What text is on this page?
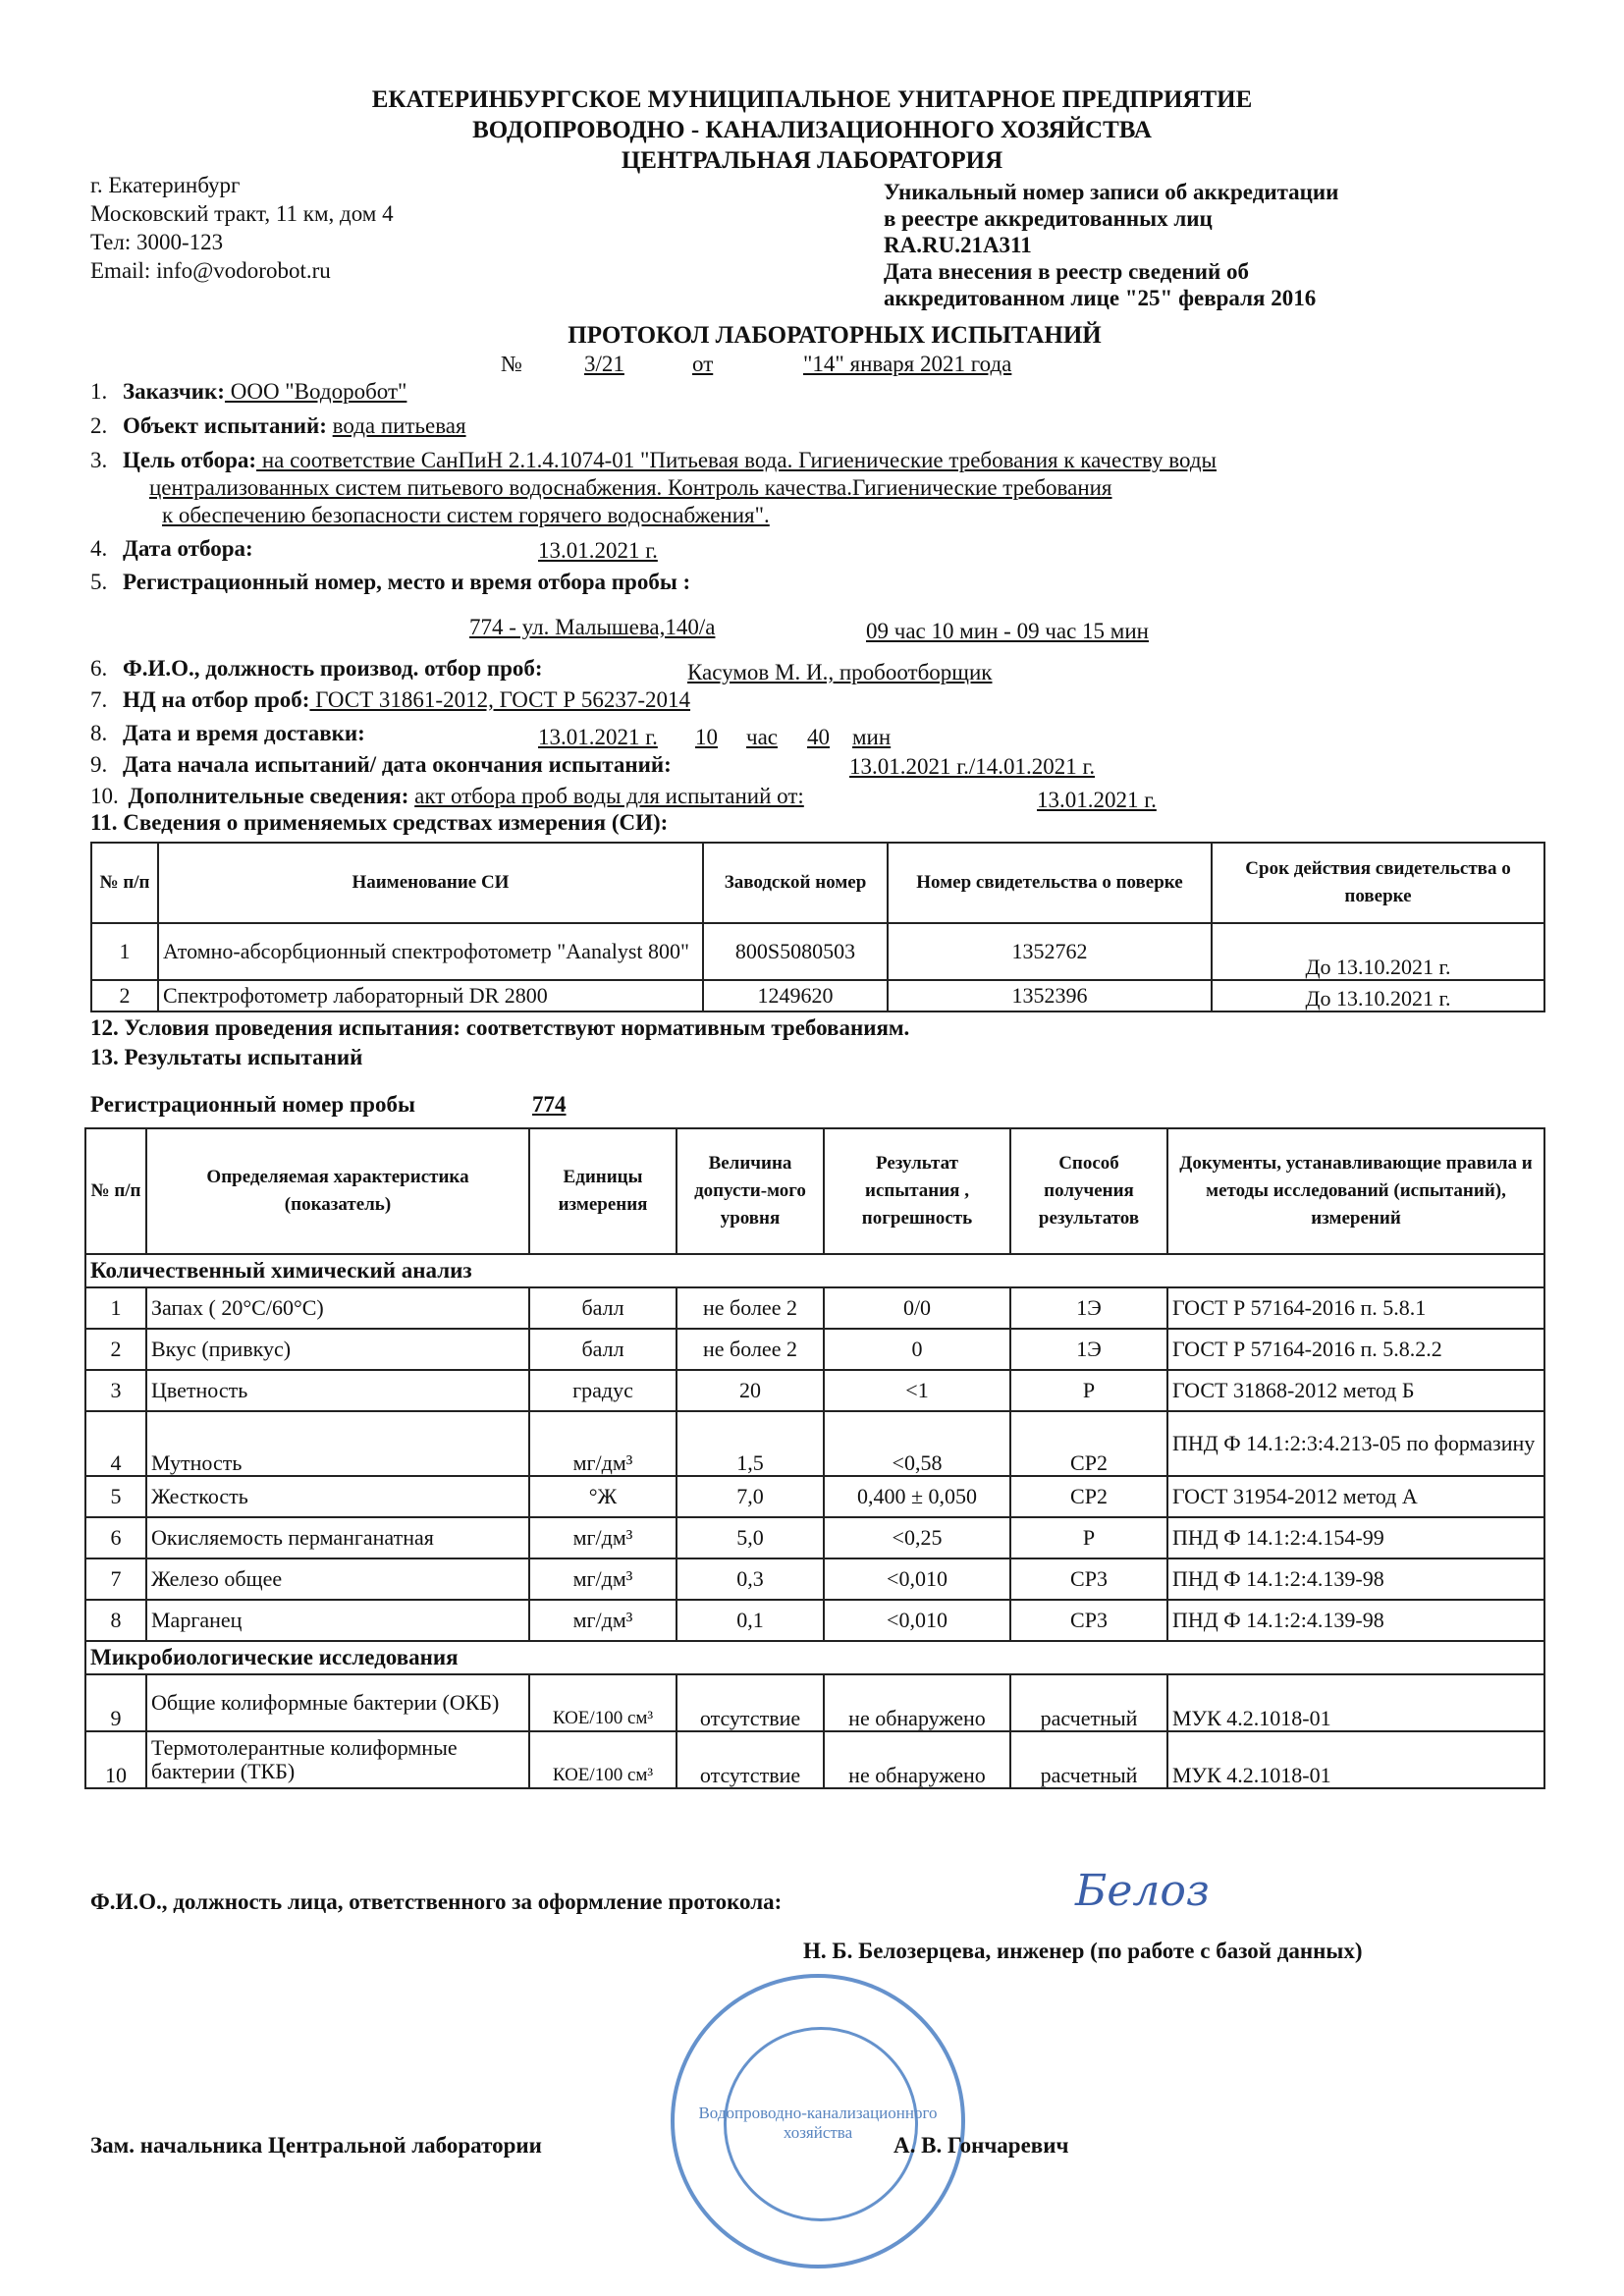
ЕКАТЕРИНБУРГСКОЕ МУНИЦИПАЛЬНОЕ УНИТАРНОЕ ПРЕДПРИЯТИЕ
ВОДОПРОВОДНО - КАНАЛИЗАЦИОННОГО ХОЗЯЙСТВА
ЦЕНТРАЛЬНАЯ ЛАБОРАТОРИЯ
г. Екатеринбург
Московский тракт, 11 км, дом 4
Тел: 3000-123
Email: info@vodorobot.ru
Уникальный номер записи об аккредитации
в реестре аккредитованных лиц
RA.RU.21A311
Дата внесения в реестр сведений об
аккредитованном лице "25" февраля 2016
ПРОТОКОЛ ЛАБОРАТОРНЫХ ИСПЫТАНИЙ
№	3/21	от	"14" января 2021 года
1. Заказчик: ООО "Водоробот"
2. Объект испытаний: вода питьевая
3. Цель отбора: на соответствие СанПиН 2.1.4.1074-01 "Питьевая вода. Гигиенические требования к качеству воды
централизованных систем питьевого водоснабжения. Контроль качества.Гигиенические требования
к обеспечению безопасности систем горячего водоснабжения".
4. Дата отбора:	13.01.2021 г.
5. Регистрационный номер, место и время отбора пробы :
774 - ул. Малышева,140/а	09 час 10 мин - 09 час 15 мин
6. Ф.И.О., должность производ. отбор проб:	Касумов М. И., пробоотборщик
7. НД на отбор проб: ГОСТ 31861-2012, ГОСТ Р 56237-2014
8. Дата и время доставки:	13.01.2021 г. 10 час 40 мин
9. Дата начала испытаний/ дата окончания испытаний:	13.01.2021 г./14.01.2021 г.
10. Дополнительные сведения: акт отбора проб воды для испытаний от:	13.01.2021 г.
11. Сведения о применяемых средствах измерения (СИ):
№ п/п	Наименование СИ	Заводской номер	Номер свидетельства о поверке	Срок действия свидетельства о поверке
1	Атомно-абсорбционный спектрофотометр "Aanalyst 800"	800S5080503	1352762	До 13.10.2021 г.
2	Спектрофотометр лабораторный DR 2800	1249620	1352396	До 13.10.2021 г.
12. Условия проведения испытания: соответствуют нормативным требованиям.
13. Результаты испытаний
Регистрационный номер пробы	774
№ п/п	Определяемая характеристика (показатель)	Единицы измерения	Величина допусти-мого уровня	Результат испытания , погрешность	Способ получения результатов	Документы, устанавливающие правила и методы исследований (испытаний), измерений
Количественный химический анализ						
1	Запах ( 20°С/60°С)	балл	не более 2	0/0	1Э	ГОСТ Р 57164-2016 п. 5.8.1
2	Вкус (привкус)	балл	не более 2	0	1Э	ГОСТ Р 57164-2016 п. 5.8.2.2
3	Цветность	градус	20	<1	Р	ГОСТ 31868-2012 метод Б
4	Мутность	мг/дм³	1,5	<0,58	СР2	ПНД Ф 14.1:2:3:4.213-05 по формазину
5	Жесткость	°Ж	7,0	0,400 ± 0,050	СР2	ГОСТ 31954-2012 метод А
6	Окисляемость перманганатная	мг/дм³	5,0	<0,25	Р	ПНД Ф 14.1:2:4.154-99
7	Железо общее	мг/дм³	0,3	<0,010	СР3	ПНД Ф 14.1:2:4.139-98
8	Марганец	мг/дм³	0,1	<0,010	СР3	ПНД Ф 14.1:2:4.139-98
Микробиологические исследования						
9	Общие колиформные бактерии (ОКБ)	КОЕ/100 см³	отсутствие	не обнаружено	расчетный	МУК 4.2.1018-01
10	Термотолерантные колиформные бактерии (ТКБ)	КОЕ/100 см³	отсутствие	не обнаружено	расчетный	МУК 4.2.1018-01
Ф.И.О., должность лица, ответственного за оформление протокола:	Белоз
Н. Б. Белозерцева, инженер (по работе с базой данных)
Водопроводно-канализационного хозяйства
Зам. начальника Центральной лаборатории	А. В. Гончаревич
